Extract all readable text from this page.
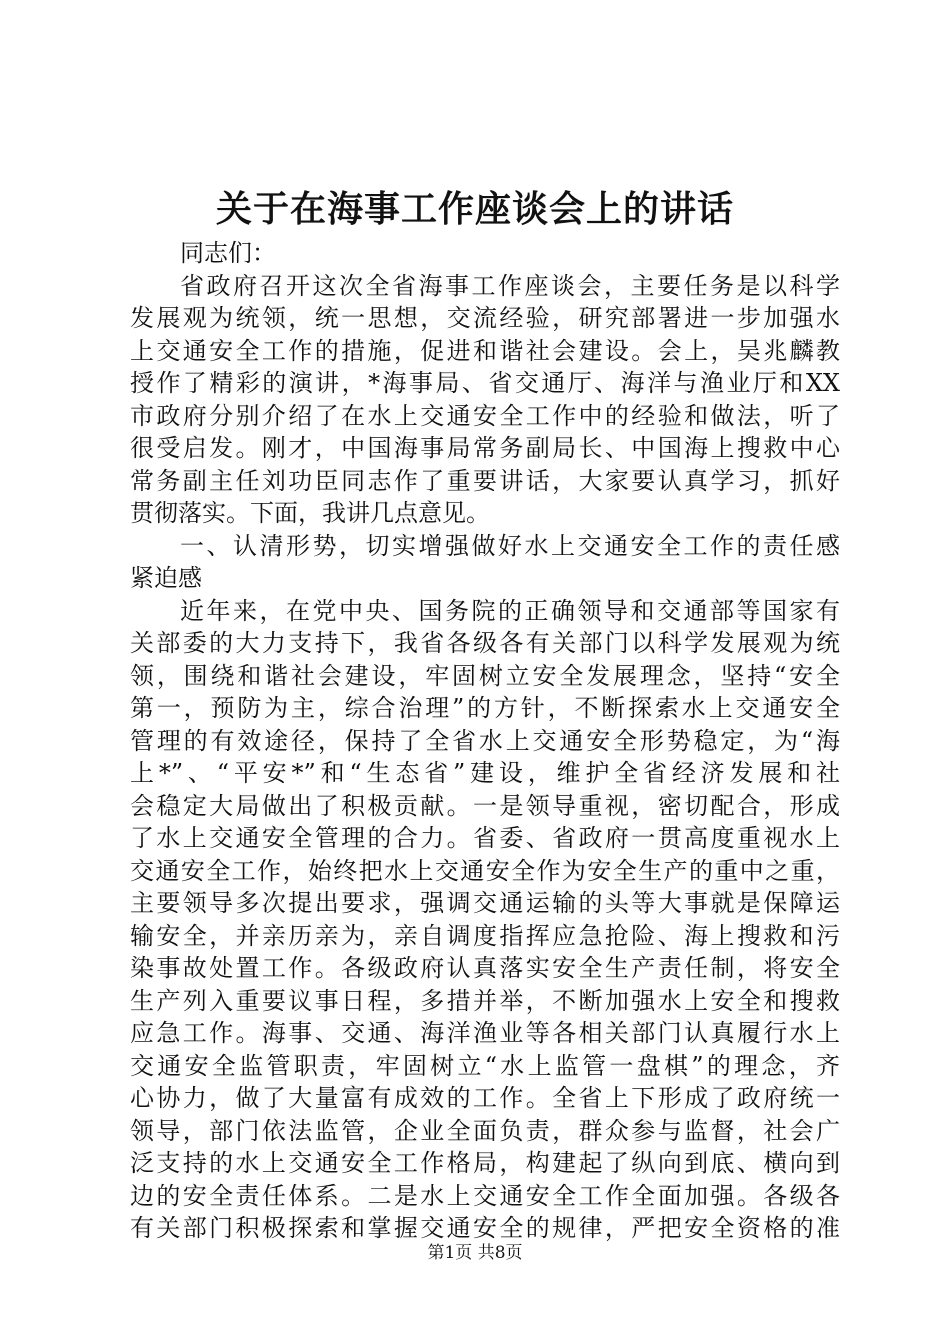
关于在海事工作座谈会上的讲话
同志们：
省政府召开这次全省海事工作座谈会，主要任务是以科学
发展观为统领，统一思想，交流经验，研究部署进一步加强水
上交通安全工作的措施，促进和谐社会建设。会上，吴兆麟教
授作了精彩的演讲，*海事局、省交通厅、海洋与渔业厅和XX
市政府分别介绍了在水上交通安全工作中的经验和做法，听了
很受启发。刚才，中国海事局常务副局长、中国海上搜救中心
常务副主任刘功臣同志作了重要讲话，大家要认真学习，抓好
贯彻落实。下面，我讲几点意见。
一、认清形势，切实增强做好水上交通安全工作的责任感
紧迫感
近年来，在党中央、国务院的正确领导和交通部等国家有
关部委的大力支持下，我省各级各有关部门以科学发展观为统
领，围绕和谐社会建设，牢固树立安全发展理念，坚持“安全
第一，预防为主，综合治理”的方针，不断探索水上交通安全
管理的有效途径，保持了全省水上交通安全形势稳定，为“海
上*”、“平安*”和“生态省”建设，维护全省经济发展和社
会稳定大局做出了积极贡献。一是领导重视，密切配合，形成
了水上交通安全管理的合力。省委、省政府一贯高度重视水上
交通安全工作，始终把水上交通安全作为安全生产的重中之重，
主要领导多次提出要求，强调交通运输的头等大事就是保障运
输安全，并亲历亲为，亲自调度指挥应急抢险、海上搜救和污
染事故处置工作。各级政府认真落实安全生产责任制，将安全
生产列入重要议事日程，多措并举，不断加强水上安全和搜救
应急工作。海事、交通、海洋渔业等各相关部门认真履行水上
交通安全监管职责，牢固树立“水上监管一盘棋”的理念，齐
心协力，做了大量富有成效的工作。全省上下形成了政府统一
领导，部门依法监管，企业全面负责，群众参与监督，社会广
泛支持的水上交通安全工作格局，构建起了纵向到底、横向到
边的安全责任体系。二是水上交通安全工作全面加强。各级各
有关部门积极探索和掌握交通安全的规律，严把安全资格的准
第1页 共8页
